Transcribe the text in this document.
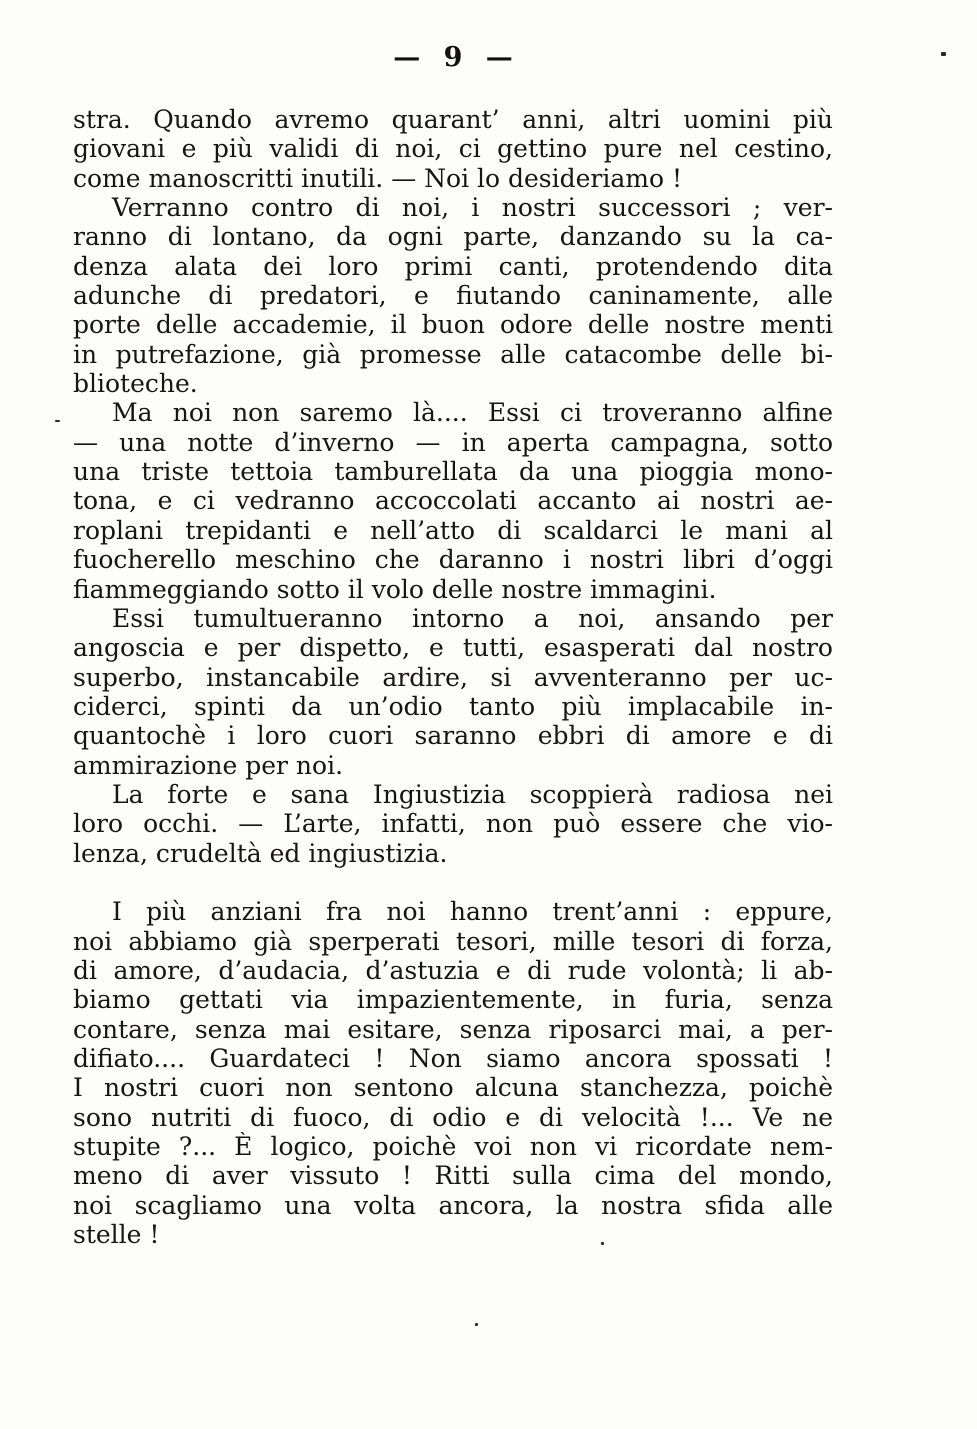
— 9 —
stra. Quando avremo quarant’ anni, altri uomini più
giovani e più validi di noi, ci gettino pure nel cestino,
come manoscritti inutili. — Noi lo desideriamo !
Verranno contro di noi, i nostri successori ; ver-
ranno di lontano, da ogni parte, danzando su la ca-
denza alata dei loro primi canti, protendendo dita
adunche di predatori, e fiutando caninamente, alle
porte delle accademie, il buon odore delle nostre menti
in putrefazione, già promesse alle catacombe delle bi-
blioteche.
Ma noi non saremo là.... Essi ci troveranno alfine
— una notte d’inverno — in aperta campagna, sotto
una triste tettoia tamburellata da una pioggia mono-
tona, e ci vedranno accoccolati accanto ai nostri ae-
roplani trepidanti e nell’atto di scaldarci le mani al
fuocherello meschino che daranno i nostri libri d’oggi
fiammeggiando sotto il volo delle nostre immagini.
Essi tumultueranno intorno a noi, ansando per
angoscia e per dispetto, e tutti, esasperati dal nostro
superbo, instancabile ardire, si avventeranno per uc-
ciderci, spinti da un’odio tanto più implacabile in-
quantochè i loro cuori saranno ebbri di amore e di
ammirazione per noi.
La forte e sana Ingiustizia scoppierà radiosa nei
loro occhi. — L’arte, infatti, non può essere che vio-
lenza, crudeltà ed ingiustizia.
I più anziani fra noi hanno trent’anni : eppure,
noi abbiamo già sperperati tesori, mille tesori di forza,
di amore, d’audacia, d’astuzia e di rude volontà; li ab-
biamo gettati via impazientemente, in furia, senza
contare, senza mai esitare, senza riposarci mai, a per-
difiato.... Guardateci ! Non siamo ancora spossati !
I nostri cuori non sentono alcuna stanchezza, poichè
sono nutriti di fuoco, di odio e di velocità !... Ve ne
stupite ?... È logico, poichè voi non vi ricordate nem-
meno di aver vissuto ! Ritti sulla cima del mondo,
noi scagliamo una volta ancora, la nostra sfida alle
stelle !
